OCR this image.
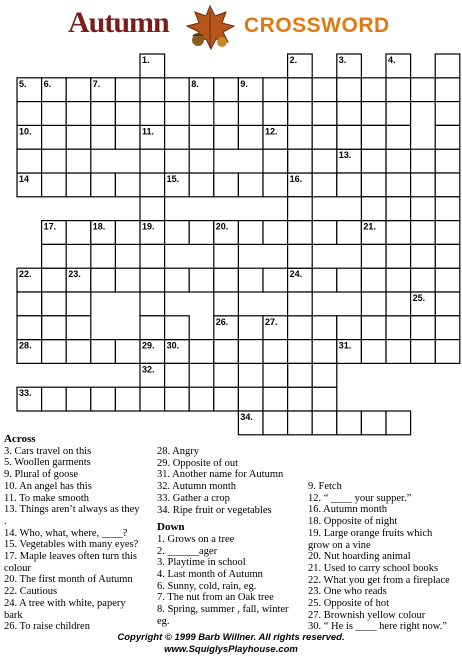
Autumn	CROSSWORD
1.	2.	3.	4.
5. 6.	7.	8.	9.
10.	11.	12.
13.
14	15.	16.
17.	18.	19.	20.	21.
22.	23.	24.
25.
26.	27.
28.	29. 30.	31.
32.
33.
34.
Across
3. Cars travel on this
5. Woollen garments
9. Plural of goose
10. An angel has this
11. To make smooth
13. Things aren’t always as they
.
14. Who, what, where, ____?
15. Vegetables with many eyes?
17. Maple leaves often turn this
colour
20. The first month of Autumn
22. Cautious
24. A tree with white, papery
bark
26. To raise children
28. Angry
29. Opposite of out
31. Another name for Autumn
32. Autumn month
33. Gather a crop
34. Ripe fruit or vegetables
Down
1. Grows on a tree
2. ______ager
3. Playtime in school
4. Last month of Autumn
6. Sunny, cold, rain, eg.
7. The nut from an Oak tree
8. Spring, summer , fall, winter
eg.
9. Fetch
12. “ ____ your supper.”
16. Autumn month
18. Opposite of night
19. Large orange fruits which
grow on a vine
20. Nut hoarding animal
21. Used to carry school books
22. What you get from a fireplace
23. One who reads
25. Opposite of hot
27. Brownish yellow colour
30. “ He is ____ here right now.”
Copyright © 1999 Barb Willner. All rights reserved.
www.SquiglysPlayhouse.com
